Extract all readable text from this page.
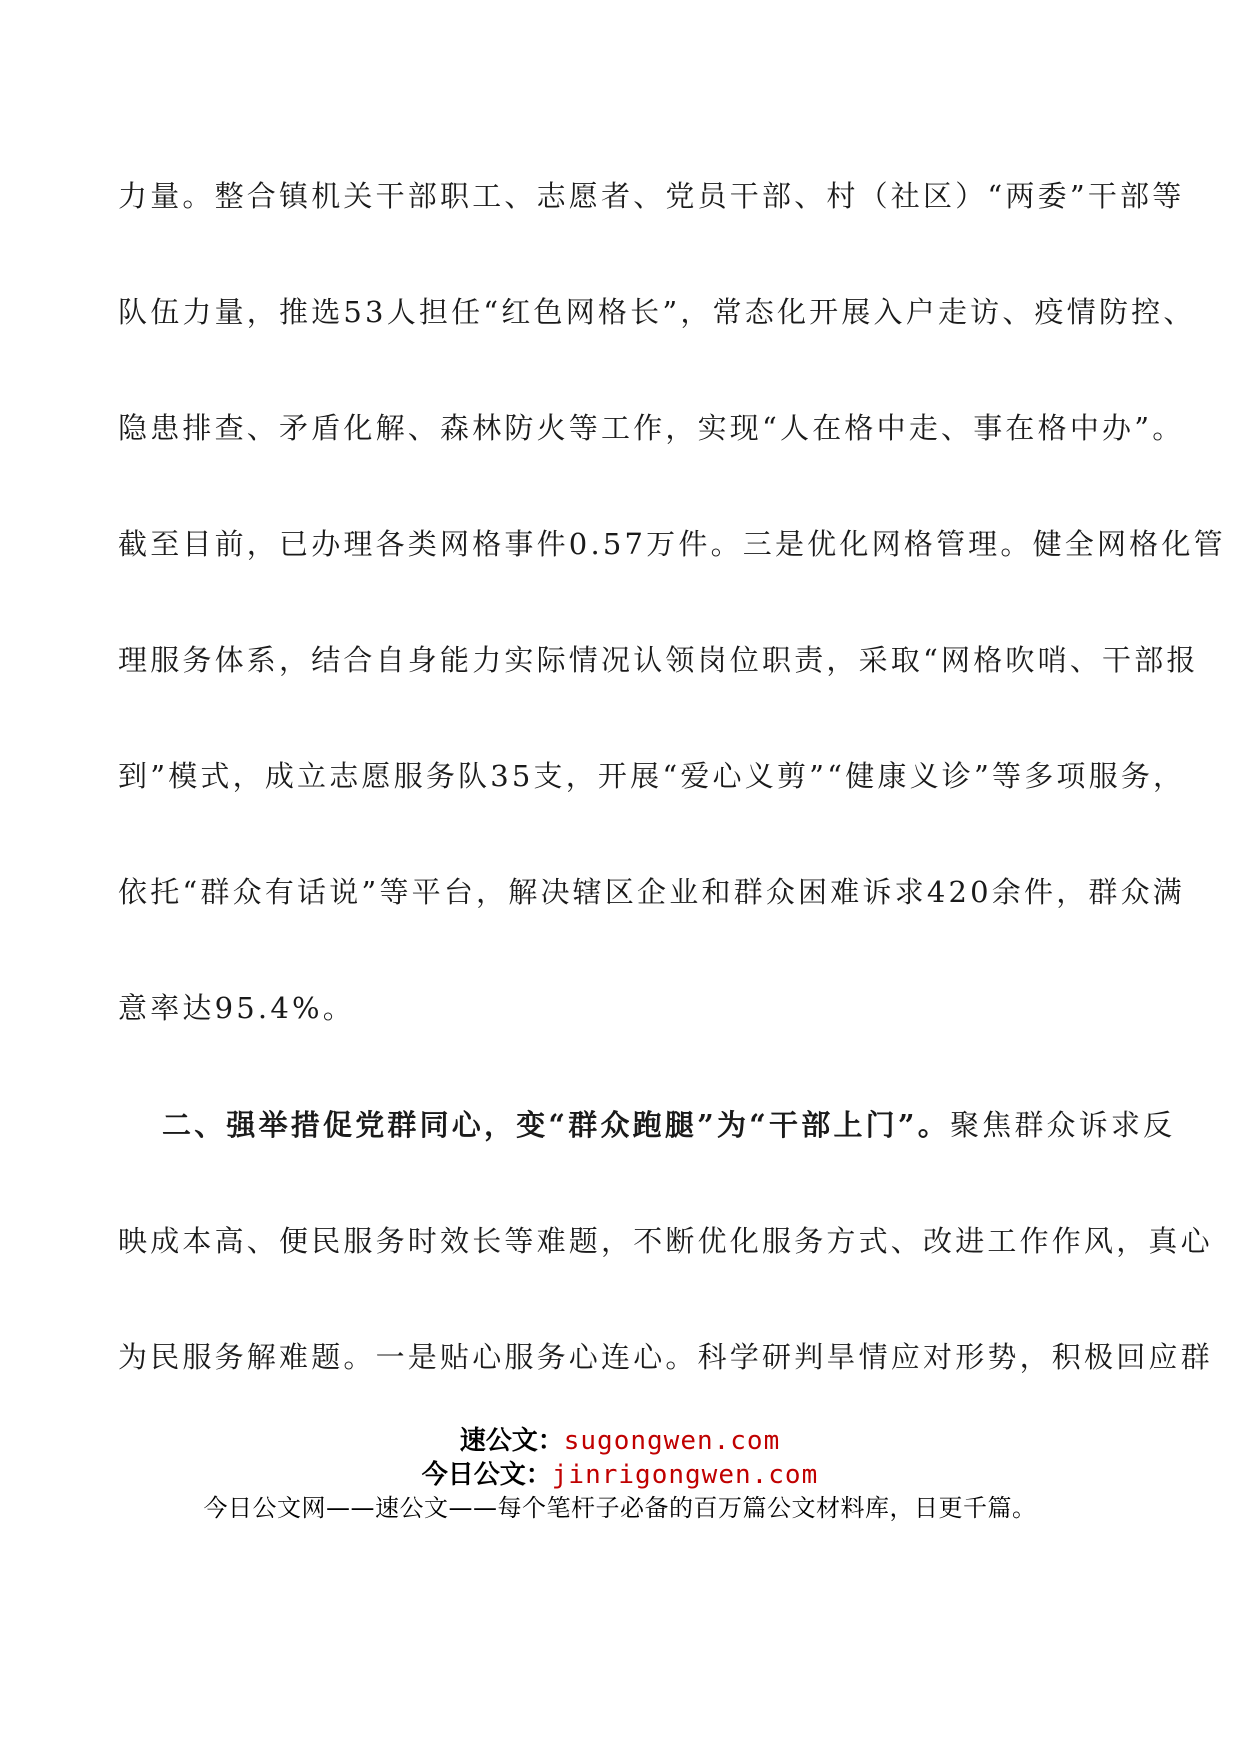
力量。整合镇机关干部职工、志愿者、党员干部、村（社区）“两委”干部等
队伍力量，推选53人担任“红色网格长”，常态化开展入户走访、疫情防控、
隐患排查、矛盾化解、森林防火等工作，实现“人在格中走、事在格中办”。
截至目前，已办理各类网格事件0.57万件。三是优化网格管理。健全网格化管
理服务体系，结合自身能力实际情况认领岗位职责，采取“网格吹哨、干部报
到”模式，成立志愿服务队35支，开展“爱心义剪”“健康义诊”等多项服务，
依托“群众有话说”等平台，解决辖区企业和群众困难诉求420余件，群众满
意率达95.4%。
二、强举措促党群同心，变“群众跑腿”为“干部上门”。聚焦群众诉求反
映成本高、便民服务时效长等难题，不断优化服务方式、改进工作作风，真心
为民服务解难题。一是贴心服务心连心。科学研判旱情应对形势，积极回应群
速公文：sugongwen.com
今日公文：jinrigongwen.com
今日公文网——速公文——每个笔杆子必备的百万篇公文材料库，日更千篇。
